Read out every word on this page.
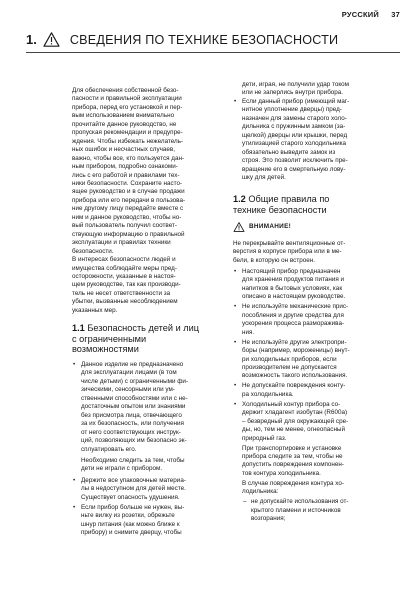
РУССКИЙ 37
1.	СВЕДЕНИЯ ПО ТЕХНИКЕ БЕЗОПАСНОСТИ

Для обеспечения собственной безо-

пасности и правильной эксплуатации

прибора, перед его установкой и пер-

вым использованием внимательно

прочитайте данное руководство, не

пропуская рекомендации и предупре-

ждения. Чтобы избежать нежелатель-

ных ошибок и несчастных случаев,

важно, чтобы все, кто пользуется дан-

ным прибором, подробно ознакоми-

лись с его работой и правилами тех-

ники безопасности. Сохраните насто-

ящее руководство и в случае продажи

прибора или его передачи в пользова-

ние другому лицу передайте вместе с

ним и данное руководство, чтобы но-

вый пользователь получил соответ-

ствующую информацию о правильной

эксплуатации и правилах техники

безопасности.

В интересах безопасности людей и

имущества соблюдайте меры пред-

осторожности, указанные в настоя-

щем руководстве, так как производи-

тель не несет ответственности за

убытки, вызванные несоблюдением

указанных мер.

1.1 Безопасность детей и лиц
с ограниченными
возможностями
• Данное изделие не предназначено
для эксплуатации лицами (в том
числе детьми) с ограниченными фи-
зическими, сенсорными или ум-
ственными способностями или с не-
достаточным опытом или знаниями
без присмотра лица, отвечающего
за их безопасность, или получения
от него соответствующих инструк-
ций, позволяющих им безопасно эк-
сплуатировать его.
Необходимо следить за тем, чтобы
дети не играли с прибором.
• Держите все упаковочные материа-
лы в недоступном для детей месте.
Существует опасность удушения.
• Если прибор больше не нужен, вы-
ньте вилку из розетки, обрежьте
шнур питания (как можно ближе к
прибору) и снимите дверцу, чтобы

дети, играя, не получили удар током

или не заперлись внутри прибора.

• Если данный прибор (имеющий маг-
нитное уплотнение дверцы) пред-
назначен для замены старого холо-
дильника с пружинным замком (за-
щелкой) дверцы или крышки, перед
утилизацией старого холодильника
обязательно выведите замок из
строя. Это позволит исключить пре-
вращение его в смертельную лову-
шку для детей.
1.2 Общие правила по
технике безопасности
ВНИМАНИЕ!

Не перекрывайте вентиляционные от-

верстия в корпусе прибора или в ме-

бели, в которую он встроен.

• Настоящий прибор предназначен
для хранения продуктов питания и
напитков в бытовых условиях, как
описано в настоящем руководстве.
• Не используйте механические прис-
пособления и другие средства для
ускорения процесса размораживa-
ния.
• Не используйте другие электропри-
боры (например, мороженицы) внут-
ри холодильных приборов, если
производителем не допускается
возможность такого использования.
• Не допускайте повреждения конту-
ра холодильника.
• Холодильный контур прибора со-
держит хладагент изобутан (R600a)
– безвредный для окружающей сре-
ды, но, тем не менее, огнеопасный
природный газ.
При транспортировке и установке
прибора следите за тем, чтобы не
допустить повреждения компонен-
тов контура холодильника.
В случае повреждения контура хо-
лодильника:
– не допускайте использования от-
крытого пламени и источников
возгорания;
